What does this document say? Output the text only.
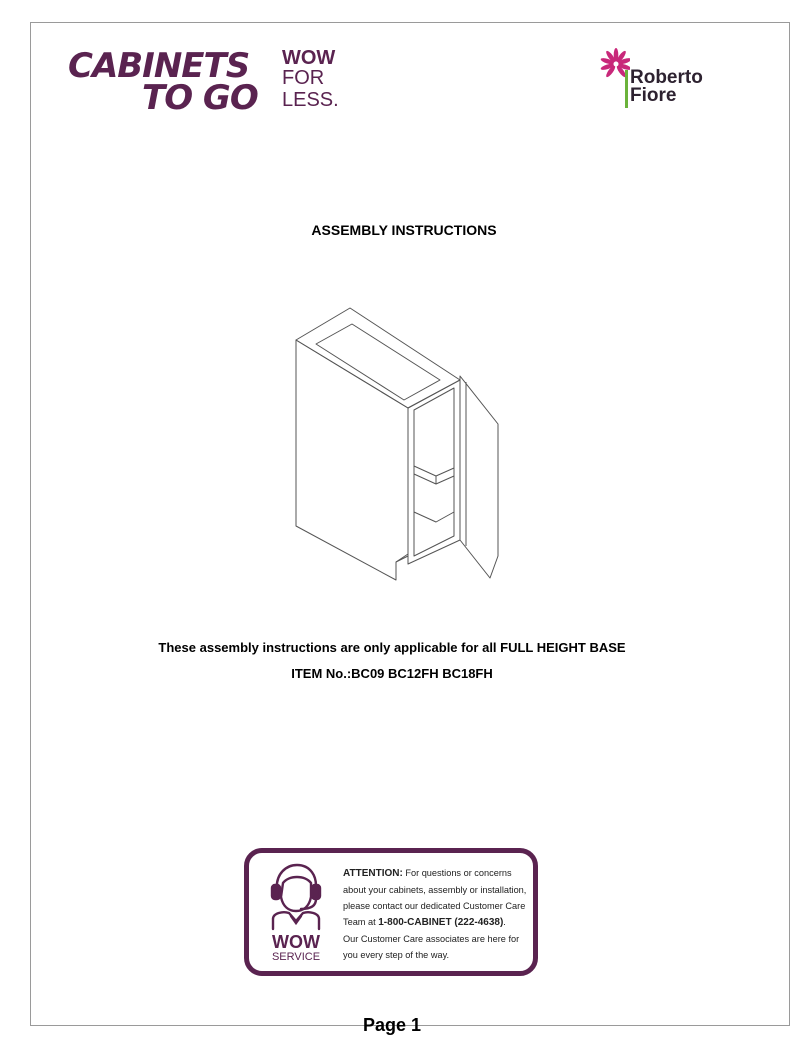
CABINETS
TO GO
WOW
FOR
LESS.
Roberto
Fiore
ASSEMBLY INSTRUCTIONS
These assembly instructions are only applicable for all FULL HEIGHT BASE
ITEM No.:BC09 BC12FH BC18FH
WOW
SERVICE
ATTENTION: For questions or concerns
about your cabinets, assembly or installation,
please contact our dedicated Customer Care
Team at 1-800-CABINET (222-4638).
Our Customer Care associates are here for
you every step of the way.
Page 1
